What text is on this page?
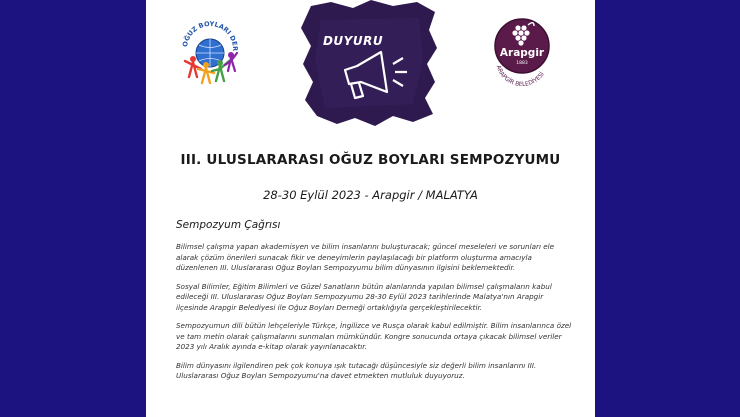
OĞUZ BOYLARI DER
DUYURU
Arapgir
1883
ARAPGİR BELEDİYESİ
III. ULUSLARARASI OĞUZ BOYLARI SEMPOZYUMU
28-30 Eylül 2023 - Arapgir / MALATYA
Sempozyum Çağrısı

Bilimsel çalışma yapan akademisyen ve bilim insanlarını buluşturacak; güncel meseleleri ve sorunları ele alarak çözüm önerileri sunacak fikir ve deneyimlerin paylaşılacağı bir platform oluşturma amacıyla düzenlenen III. Uluslararası Oğuz Boyları Sempozyumu bilim dünyasının ilgisini beklemektedir.

Sosyal Bilimler, Eğitim Bilimleri ve Güzel Sanatların bütün alanlarında yapılan bilimsel çalışmaların kabul edileceği III. Uluslararası Oğuz Boyları Sempozyumu 28-30 Eylül 2023 tarihlerinde Malatya'nın Arapgir ilçesinde Arapgir Belediyesi ile Oğuz Boyları Derneği ortaklığıyla gerçekleştirilecektir.

Sempozyumun dili bütün lehçeleriyle Türkçe, İngilizce ve Rusça olarak kabul edilmiştir. Bilim insanlarınca özel ve tam metin olarak çalışmalarını sunmaları mümkündür. Kongre sonucunda ortaya çıkacak bilimsel veriler 2023 yılı Aralık ayında e-kitap olarak yayınlanacaktır.

Bilim dünyasını ilgilendiren pek çok konuya ışık tutacağı düşüncesiyle siz değerli bilim insanlarını III. Uluslararası Oğuz Boyları Sempozyumu'na davet etmekten mutluluk duyuyoruz.
